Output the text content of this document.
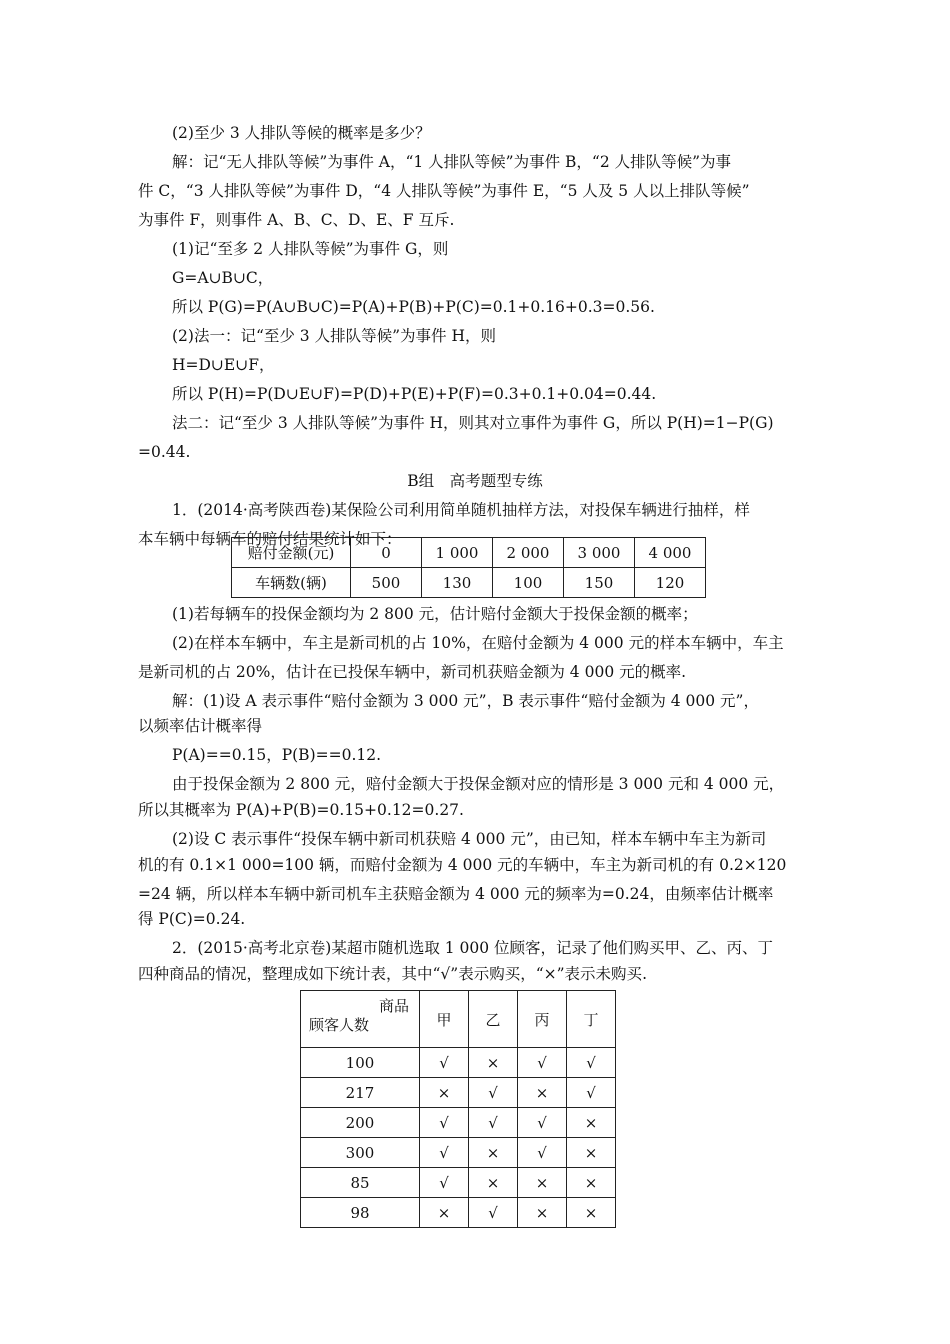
(2)至少 3 人排队等候的概率是多少？
解：记“无人排队等候”为事件 A，“1 人排队等候”为事件 B，“2 人排队等候”为事
件 C，“3 人排队等候”为事件 D，“4 人排队等候”为事件 E，“5 人及 5 人以上排队等候”
为事件 F，则事件 A、B、C、D、E、F 互斥.
(1)记“至多 2 人排队等候”为事件 G，则
G=A∪B∪C，
所以 P(G)=P(A∪B∪C)=P(A)+P(B)+P(C)=0.1+0.16+0.3=0.56.
(2)法一：记“至少 3 人排队等候”为事件 H，则
H=D∪E∪F，
所以 P(H)=P(D∪E∪F)=P(D)+P(E)+P(F)=0.3+0.1+0.04=0.44.
法二：记“至少 3 人排队等候”为事件 H，则其对立事件为事件 G，所以 P(H)=1−P(G)
=0.44.
B组　高考题型专练
1．(2014·高考陕西卷)某保险公司利用简单随机抽样方法，对投保车辆进行抽样，样
本车辆中每辆车的赔付结果统计如下：
赔付金额(元)	0	1 000	2 000	3 000	4 000
车辆数(辆)	500	130	100	150	120
(1)若每辆车的投保金额均为 2 800 元，估计赔付金额大于投保金额的概率；
(2)在样本车辆中，车主是新司机的占 10%，在赔付金额为 4 000 元的样本车辆中，车主
是新司机的占 20%，估计在已投保车辆中，新司机获赔金额为 4 000 元的概率.
解：(1)设 A 表示事件“赔付金额为 3 000 元”，B 表示事件“赔付金额为 4 000 元”，
以频率估计概率得
P(A)==0.15，P(B)==0.12.
由于投保金额为 2 800 元，赔付金额大于投保金额对应的情形是 3 000 元和 4 000 元，
所以其概率为 P(A)+P(B)=0.15+0.12=0.27.
(2)设 C 表示事件“投保车辆中新司机获赔 4 000 元”，由已知，样本车辆中车主为新司
机的有 0.1×1 000=100 辆，而赔付金额为 4 000 元的车辆中，车主为新司机的有 0.2×120
=24 辆，所以样本车辆中新司机车主获赔金额为 4 000 元的频率为=0.24，由频率估计概率
得 P(C)=0.24.
2．(2015·高考北京卷)某超市随机选取 1 000 位顾客，记录了他们购买甲、乙、丙、丁
四种商品的情况，整理成如下统计表，其中“√”表示购买，“×”表示未购买.
商品
顾客人数	甲	乙	丙	丁
100	√	×	√	√
217	×	√	×	√
200	√	√	√	×
300	√	×	√	×
85	√	×	×	×
98	×	√	×	×
